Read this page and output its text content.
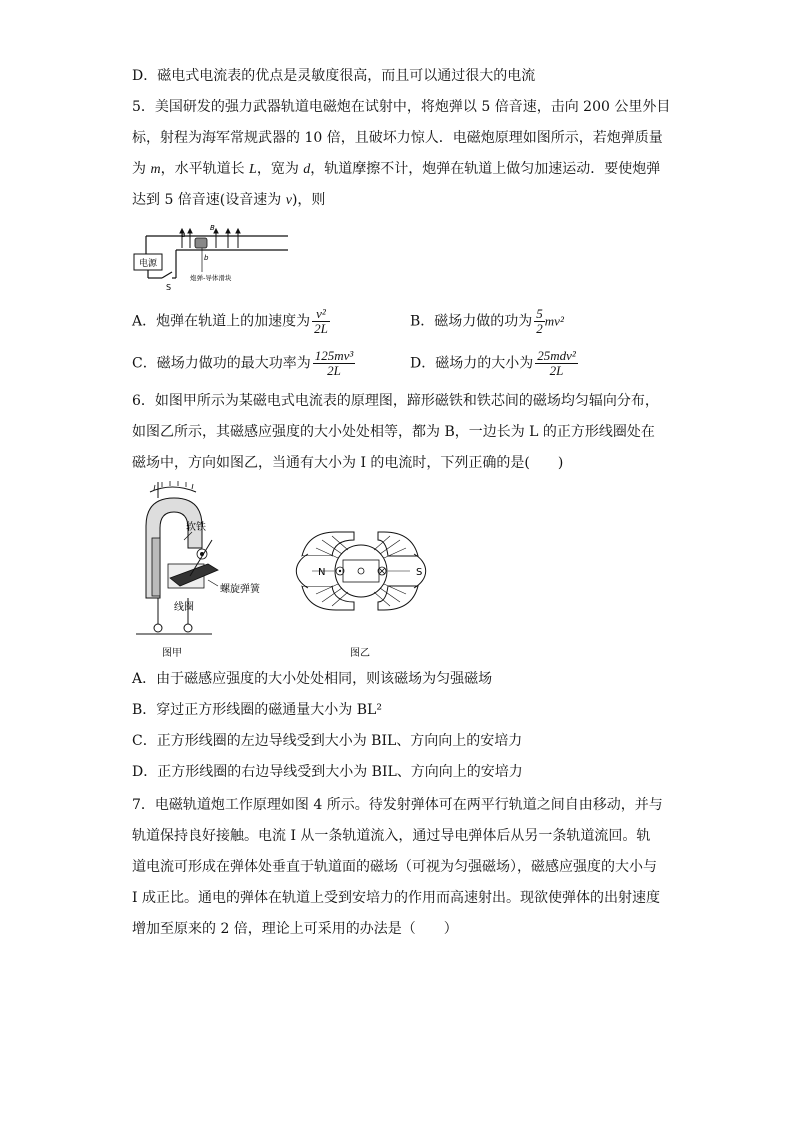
D．磁电式电流表的优点是灵敏度很高，而且可以通过很大的电流
5．美国研发的强力武器轨道电磁炮在试射中，将炮弹以 5 倍音速，击向 200 公里外目
标，射程为海军常规武器的 10 倍，且破坏力惊人．电磁炮原理如图所示，若炮弹质量
为 m，水平轨道长 L，宽为 d，轨道摩擦不计，炮弹在轨道上做匀加速运动．要使炮弹
达到 5 倍音速(设音速为 v)，则
电源
S
a
B
b
炮弹-导体滑块
A．炮弹在轨道上的加速度为 $\frac{\text{v²}}{2L}$	B．磁场力做的功为 $\frac{5}{2} mv^2$
C．磁场力做功的最大功率为 $\frac{\text{125mv³}}{2L}$	D．磁场力的大小为 $\frac{\text{25mdv²}}{2L}$
6．如图甲所示为某磁电式电流表的原理图，蹄形磁铁和铁芯间的磁场均匀辐向分布，
如图乙所示，其磁感应强度的大小处处相等，都为 B，一边长为 L 的正方形线圈处在
磁场中，方向如图乙，当通有大小为 I 的电流时，下列正确的是(　　)
软铁
螺旋弹簧
线圈
图甲
N	S
图乙
A．由于磁感应强度的大小处处相同，则该磁场为匀强磁场
B．穿过正方形线圈的磁通量大小为 BL²
C．正方形线圈的左边导线受到大小为 BIL、方向向上的安培力
D．正方形线圈的右边导线受到大小为 BIL、方向向上的安培力
7．电磁轨道炮工作原理如图 4 所示。待发射弹体可在两平行轨道之间自由移动，并与
轨道保持良好接触。电流 I 从一条轨道流入，通过导电弹体后从另一条轨道流回。轨
道电流可形成在弹体处垂直于轨道面的磁场（可视为匀强磁场），磁感应强度的大小与
I 成正比。通电的弹体在轨道上受到安培力的作用而高速射出。现欲使弹体的出射速度
增加至原来的 2 倍，理论上可采用的办法是（　　）
